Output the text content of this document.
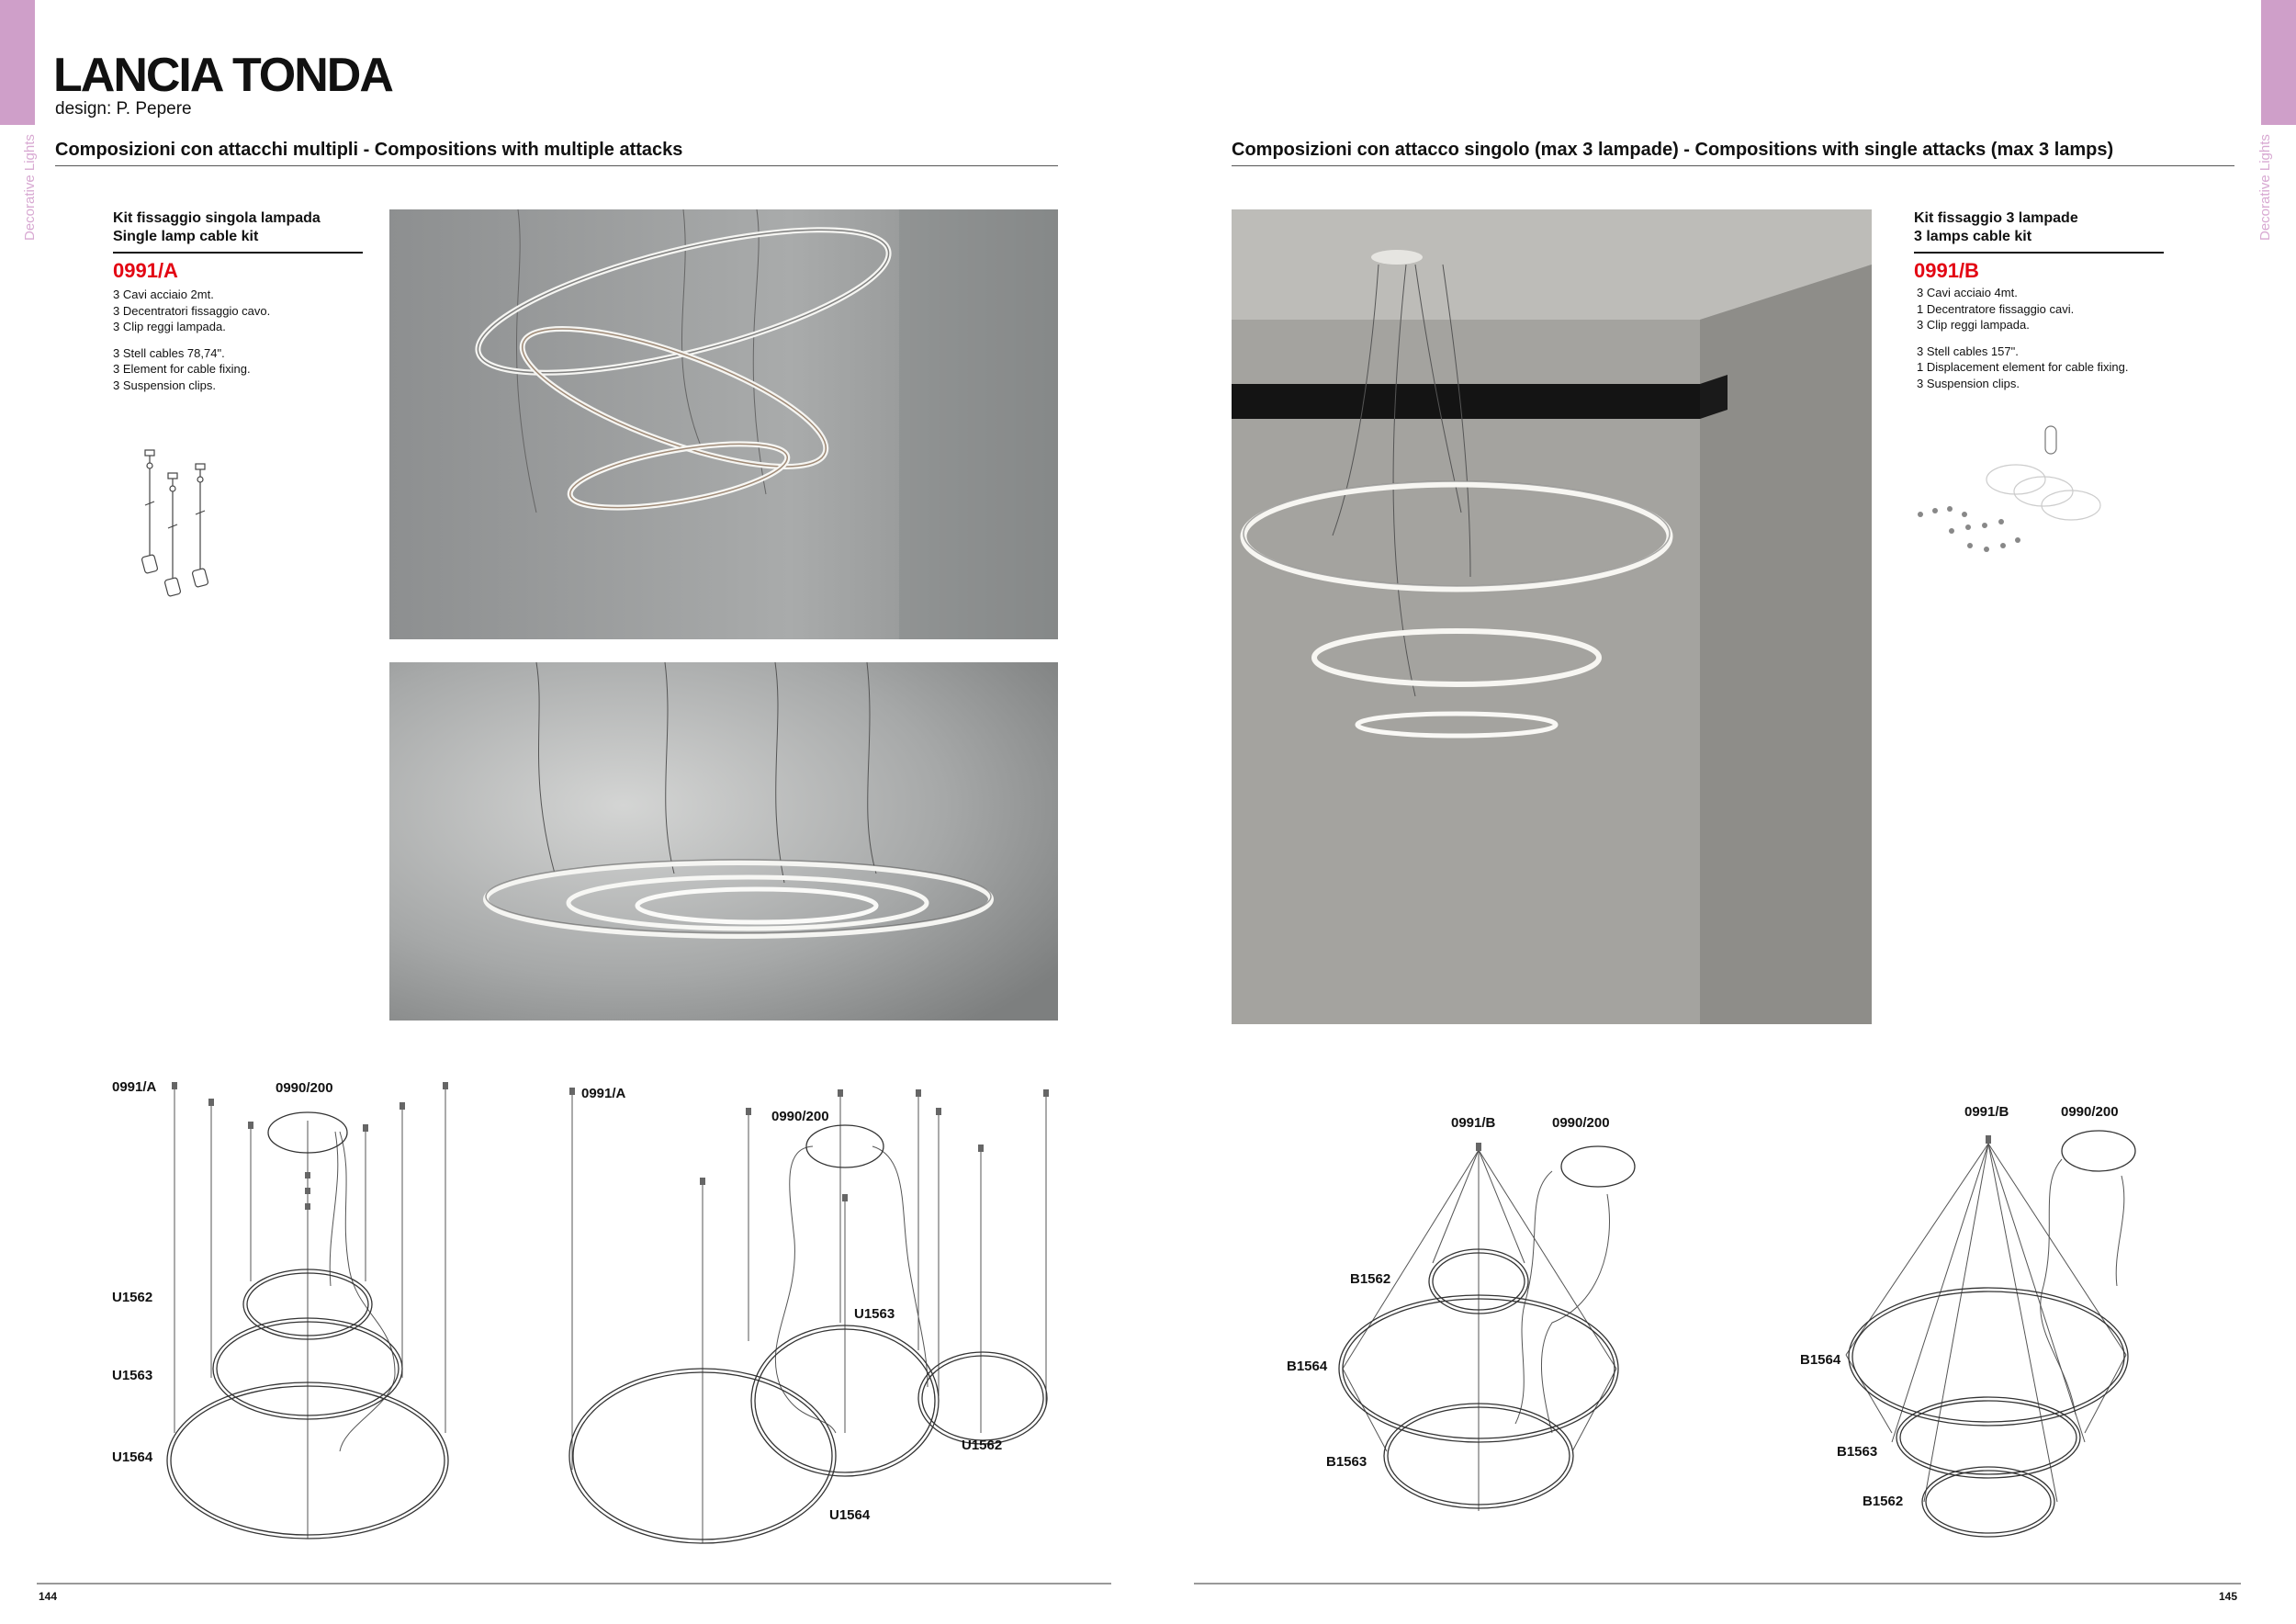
Decorative Lights	Decorative Lights
LANCIA TONDA
design: P. Pepere
Composizioni con attacchi multipli - Compositions with multiple attacks	Composizioni con attacco singolo (max 3 lampade) - Compositions with single attacks (max 3 lamps)
Kit fissaggio singola lampada
Single lamp cable kit
0991/A

3 Cavi acciaio 2mt.

3 Decentratori fissaggio cavo.

3 Clip reggi lampada.

3 Stell cables 78,74".

3 Element for cable fixing.

3 Suspension clips.

Kit fissaggio 3 lampade
3 lamps cable kit
0991/B

3 Cavi acciaio 4mt.

1 Decentratore fissaggio cavi.

3 Clip reggi lampada.

3 Stell cables 157".

1 Displacement element for cable fixing.

3 Suspension clips.

0991/A	0990/200
U1562
U1563
U1564
0991/A
0990/200
U1563
U1562
U1564
0991/B	0990/200
B1562
B1564
B1563
0991/B	0990/200
B1564
B1563
B1562
144	145
